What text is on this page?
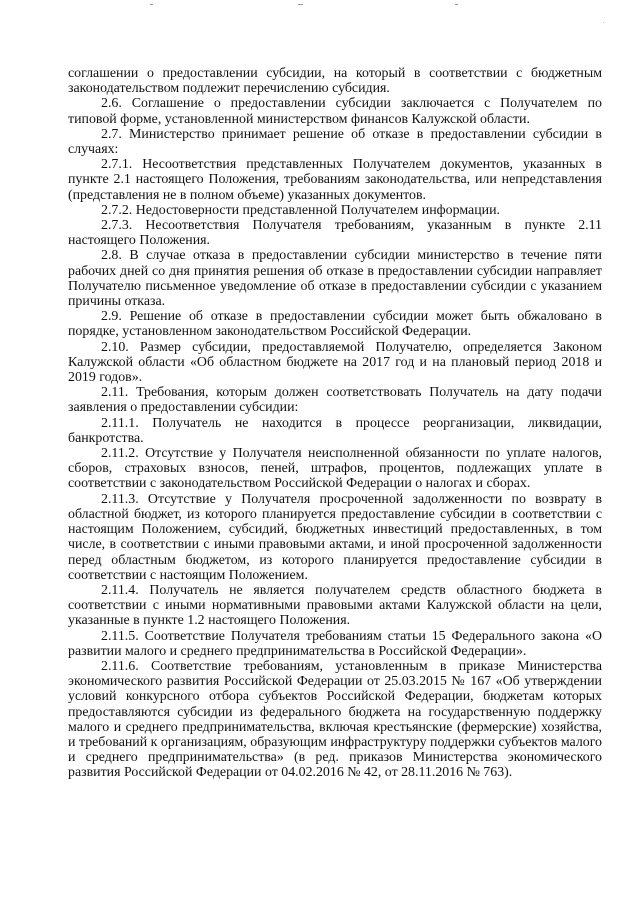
соглашении о предоставлении субсидии, на который в соответствии с бюджетным законодательством подлежит перечислению субсидия.

2.6. Соглашение о предоставлении субсидии заключается с Получателем по типовой форме, установленной министерством финансов Калужской области.

2.7. Министерство принимает решение об отказе в предоставлении субсидии в случаях:

2.7.1. Несоответствия представленных Получателем документов, указанных в пункте 2.1 настоящего Положения, требованиям законодательства, или непредставления (представления не в полном объеме) указанных документов.

2.7.2. Недостоверности представленной Получателем информации.

2.7.3. Несоответствия Получателя требованиям, указанным в пункте 2.11 настоящего Положения.

2.8. В случае отказа в предоставлении субсидии министерство в течение пяти рабочих дней со дня принятия решения об отказе в предоставлении субсидии направляет Получателю письменное уведомление об отказе в предоставлении субсидии с указанием причины отказа.

2.9. Решение об отказе в предоставлении субсидии может быть обжаловано в порядке, установленном законодательством Российской Федерации.

2.10. Размер субсидии, предоставляемой Получателю, определяется Законом Калужской области «Об областном бюджете на 2017 год и на плановый период 2018 и 2019 годов».

2.11. Требования, которым должен соответствовать Получатель на дату подачи заявления о предоставлении субсидии:

2.11.1. Получатель не находится в процессе реорганизации, ликвидации, банкротства.

2.11.2. Отсутствие у Получателя неисполненной обязанности по уплате налогов, сборов, страховых взносов, пеней, штрафов, процентов, подлежащих уплате в соответствии с законодательством Российской Федерации о налогах и сборах.

2.11.3. Отсутствие у Получателя просроченной задолженности по возврату в областной бюджет, из которого планируется предоставление субсидии в соответствии с настоящим Положением, субсидий, бюджетных инвестиций предоставленных, в том числе, в соответствии с иными правовыми актами, и иной просроченной задолженности перед областным бюджетом, из которого планируется предоставление субсидии в соответствии с настоящим Положением.

2.11.4. Получатель не является получателем средств областного бюджета в соответствии с иными нормативными правовыми актами Калужской области на цели, указанные в пункте 1.2 настоящего Положения.

2.11.5. Соответствие Получателя требованиям статьи 15 Федерального закона «О развитии малого и среднего предпринимательства в Российской Федерации».

2.11.6. Соответствие требованиям, установленным в приказе Министерства экономического развития Российской Федерации от 25.03.2015 № 167 «Об утверждении условий конкурсного отбора субъектов Российской Федерации, бюджетам которых предоставляются субсидии из федерального бюджета на государственную поддержку малого и среднего предпринимательства, включая крестьянские (фермерские) хозяйства, и требований к организациям, образующим инфраструктуру поддержки субъектов малого и среднего предпринимательства» (в ред. приказов Министерства экономического развития Российской Федерации от 04.02.2016 № 42, от 28.11.2016 № 763).
